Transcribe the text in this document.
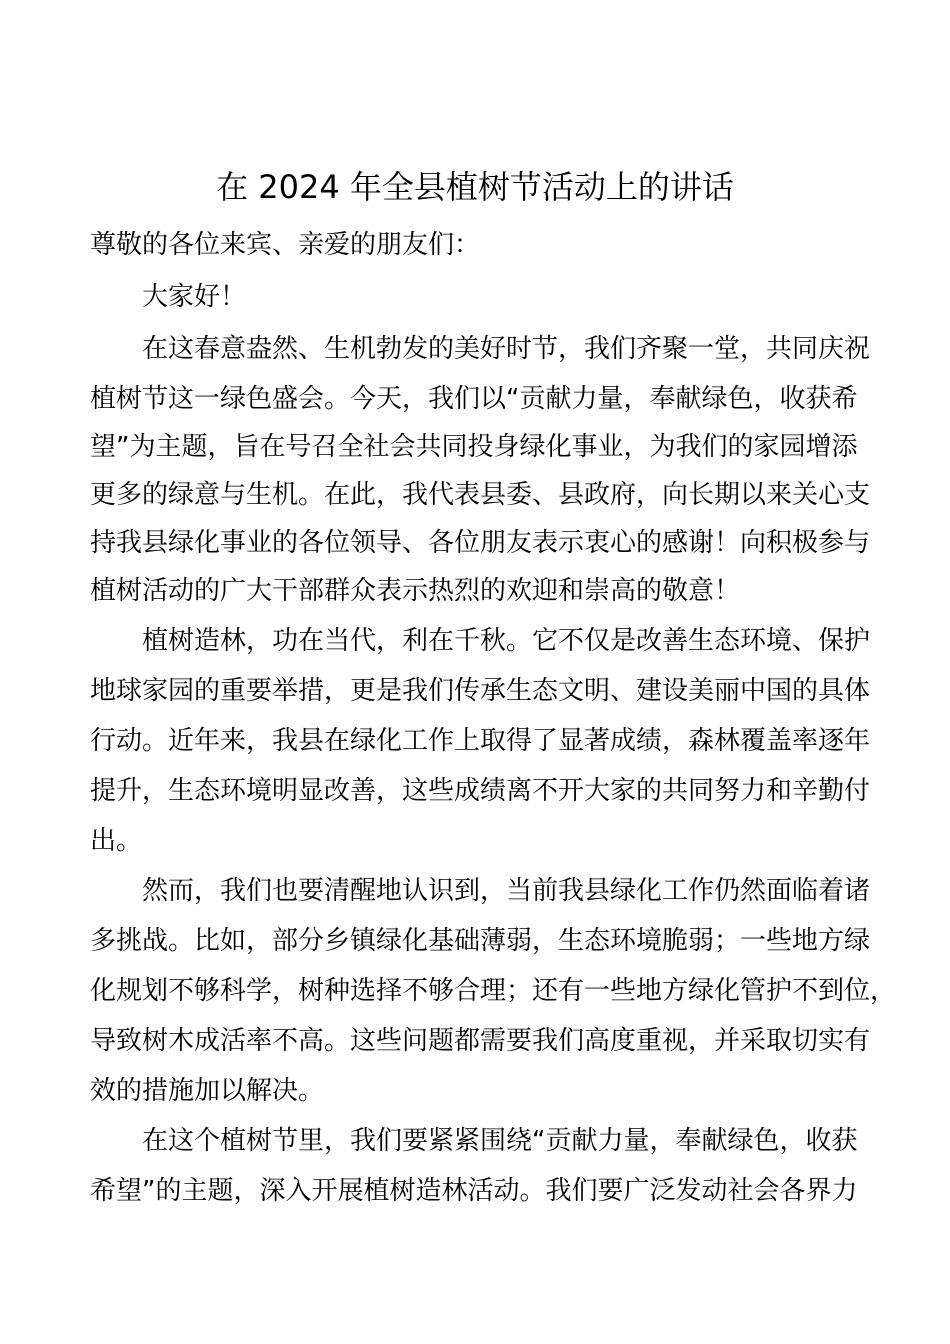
在 2024 年全县植树节活动上的讲话
尊敬的各位来宾、亲爱的朋友们：
大家好！
在这春意盎然、生机勃发的美好时节，我们齐聚一堂，共同庆祝
植树节这一绿色盛会。今天，我们以“贡献力量，奉献绿色，收获希
望”为主题，旨在号召全社会共同投身绿化事业，为我们的家园增添
更多的绿意与生机。在此，我代表县委、县政府，向长期以来关心支
持我县绿化事业的各位领导、各位朋友表示衷心的感谢！向积极参与
植树活动的广大干部群众表示热烈的欢迎和崇高的敬意！
植树造林，功在当代，利在千秋。它不仅是改善生态环境、保护
地球家园的重要举措，更是我们传承生态文明、建设美丽中国的具体
行动。近年来，我县在绿化工作上取得了显著成绩，森林覆盖率逐年
提升，生态环境明显改善，这些成绩离不开大家的共同努力和辛勤付
出。
然而，我们也要清醒地认识到，当前我县绿化工作仍然面临着诸
多挑战。比如，部分乡镇绿化基础薄弱，生态环境脆弱；一些地方绿
化规划不够科学，树种选择不够合理；还有一些地方绿化管护不到位，
导致树木成活率不高。这些问题都需要我们高度重视，并采取切实有
效的措施加以解决。
在这个植树节里，我们要紧紧围绕“贡献力量，奉献绿色，收获
希望”的主题，深入开展植树造林活动。我们要广泛发动社会各界力
